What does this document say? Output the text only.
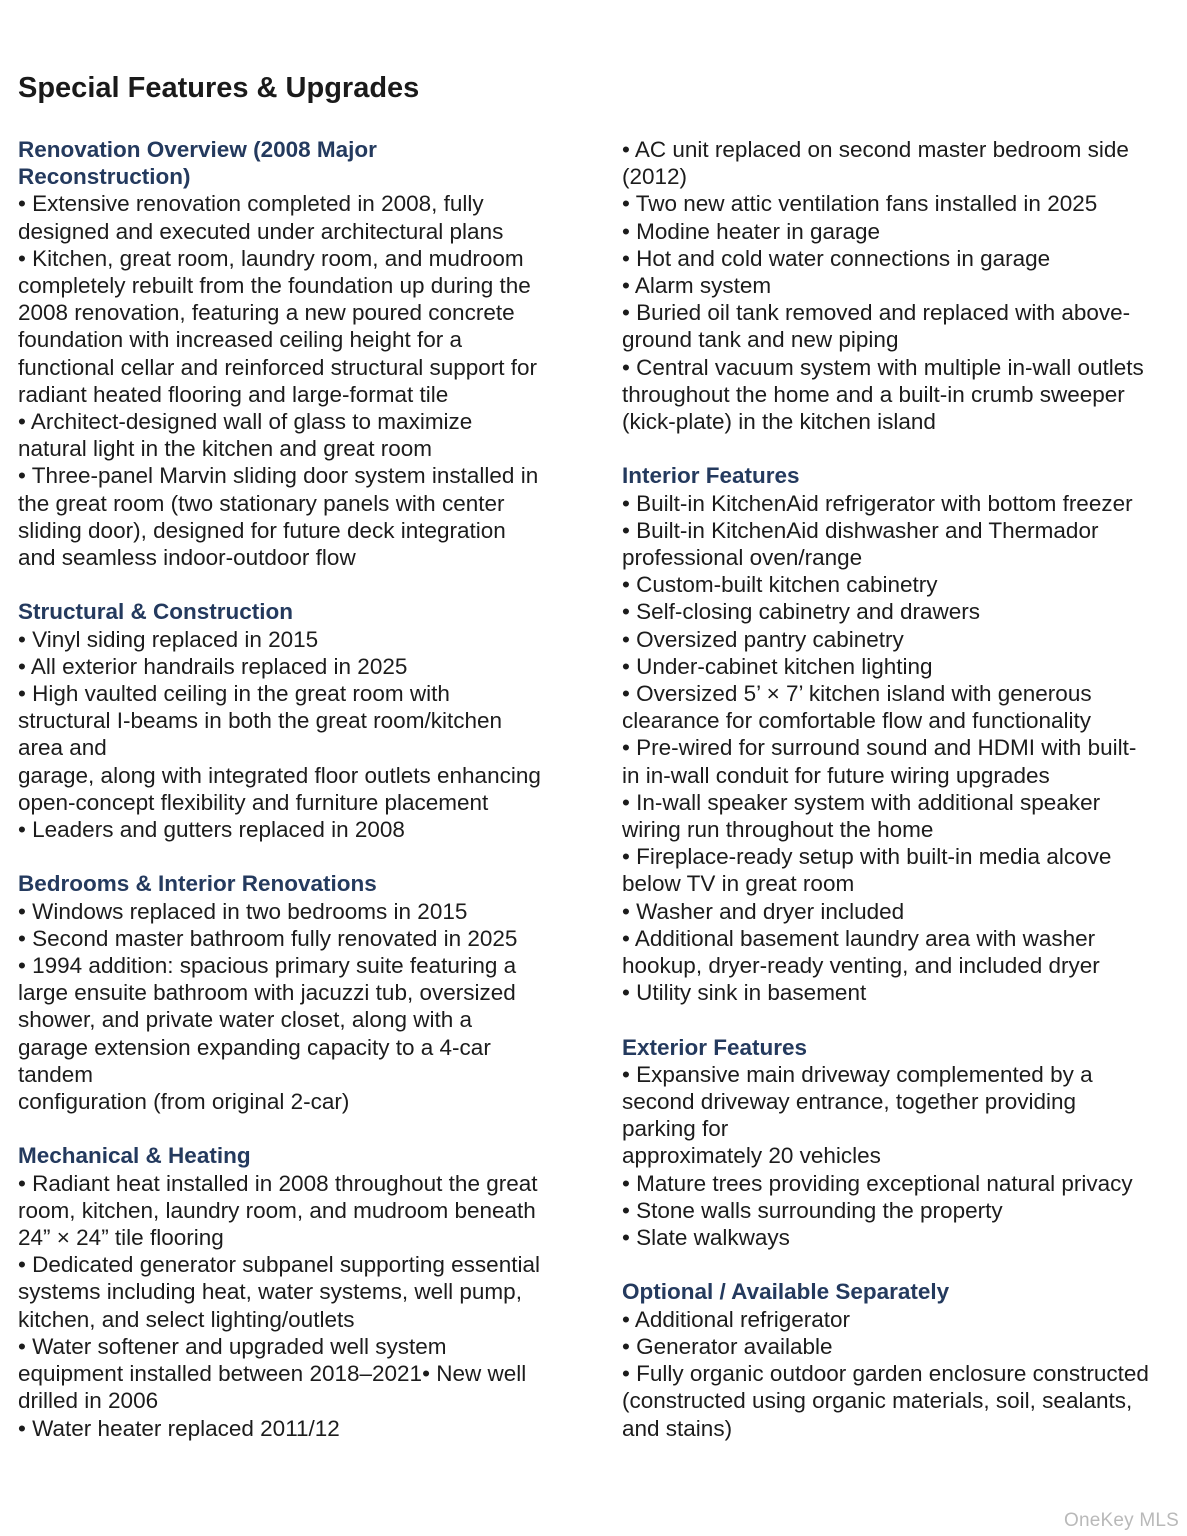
Special Features & Upgrades
Renovation Overview (2008 Major
Reconstruction)
• Extensive renovation completed in 2008, fully
designed and executed under architectural plans
• Kitchen, great room, laundry room, and mudroom
completely rebuilt from the foundation up during the
2008 renovation, featuring a new poured concrete
foundation with increased ceiling height for a
functional cellar and reinforced structural support for
radiant heated flooring and large-format tile
• Architect-designed wall of glass to maximize
natural light in the kitchen and great room
• Three-panel Marvin sliding door system installed in
the great room (two stationary panels with center
sliding door), designed for future deck integration
and seamless indoor-outdoor flow
Structural & Construction
• Vinyl siding replaced in 2015
• All exterior handrails replaced in 2025
• High vaulted ceiling in the great room with
structural I-beams in both the great room/kitchen
area and
garage, along with integrated floor outlets enhancing
open-concept flexibility and furniture placement
• Leaders and gutters replaced in 2008
Bedrooms & Interior Renovations
• Windows replaced in two bedrooms in 2015
• Second master bathroom fully renovated in 2025
• 1994 addition: spacious primary suite featuring a
large ensuite bathroom with jacuzzi tub, oversized
shower, and private water closet, along with a
garage extension expanding capacity to a 4-car
tandem
configuration (from original 2-car)
Mechanical & Heating
• Radiant heat installed in 2008 throughout the great
room, kitchen, laundry room, and mudroom beneath
24” × 24” tile flooring
• Dedicated generator subpanel supporting essential
systems including heat, water systems, well pump,
kitchen, and select lighting/outlets
• Water softener and upgraded well system
equipment installed between 2018–2021• New well
drilled in 2006
• Water heater replaced 2011/12
• AC unit replaced on second master bedroom side
(2012)
• Two new attic ventilation fans installed in 2025
• Modine heater in garage
• Hot and cold water connections in garage
• Alarm system
• Buried oil tank removed and replaced with above-
ground tank and new piping
• Central vacuum system with multiple in-wall outlets
throughout the home and a built-in crumb sweeper
(kick-plate) in the kitchen island
Interior Features
• Built-in KitchenAid refrigerator with bottom freezer
• Built-in KitchenAid dishwasher and Thermador
professional oven/range
• Custom-built kitchen cabinetry
• Self-closing cabinetry and drawers
• Oversized pantry cabinetry
• Under-cabinet kitchen lighting
• Oversized 5’ × 7’ kitchen island with generous
clearance for comfortable flow and functionality
• Pre-wired for surround sound and HDMI with built-
in in-wall conduit for future wiring upgrades
• In-wall speaker system with additional speaker
wiring run throughout the home
• Fireplace-ready setup with built-in media alcove
below TV in great room
• Washer and dryer included
• Additional basement laundry area with washer
hookup, dryer-ready venting, and included dryer
• Utility sink in basement
Exterior Features
• Expansive main driveway complemented by a
second driveway entrance, together providing
parking for
approximately 20 vehicles
• Mature trees providing exceptional natural privacy
• Stone walls surrounding the property
• Slate walkways
Optional / Available Separately
• Additional refrigerator
• Generator available
• Fully organic outdoor garden enclosure constructed
(constructed using organic materials, soil, sealants,
and stains)
OneKey MLS
